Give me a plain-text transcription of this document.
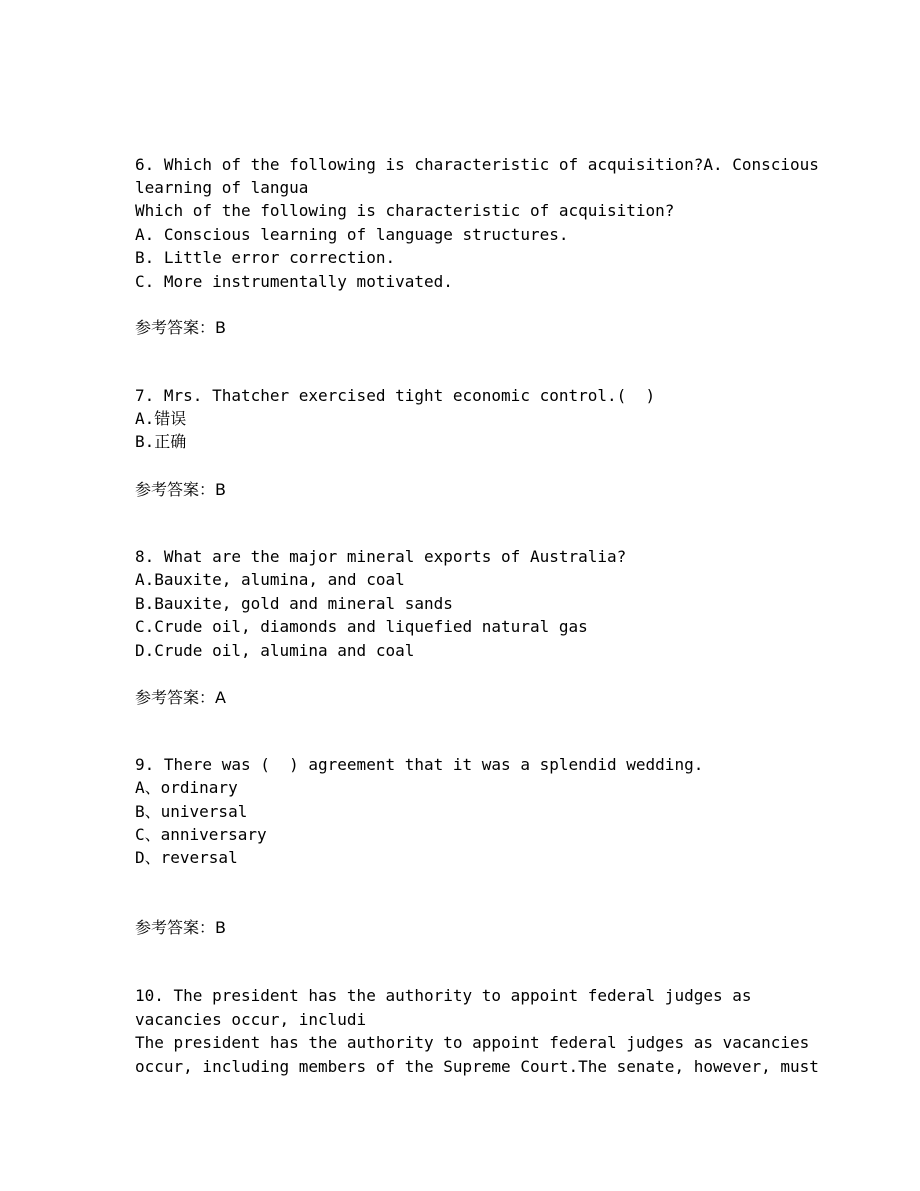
6. Which of the following is characteristic of acquisition?A. Conscious
learning of langua
Which of the following is characteristic of acquisition?
A. Conscious learning of language structures.
B. Little error correction.
C. More instrumentally motivated.
参考答案：B
7. Mrs. Thatcher exercised tight economic control.(  )
A.错误
B.正确
参考答案：B
8. What are the major mineral exports of Australia?
A.Bauxite, alumina, and coal
B.Bauxite, gold and mineral sands
C.Crude oil, diamonds and liquefied natural gas
D.Crude oil, alumina and coal
参考答案：A
9. There was (  ) agreement that it was a splendid wedding.
A、ordinary
B、universal
C、anniversary
D、reversal
参考答案：B
10. The president has the authority to appoint federal judges as
vacancies occur, includi
The president has the authority to appoint federal judges as vacancies
occur, including members of the Supreme Court.The senate, however, must
